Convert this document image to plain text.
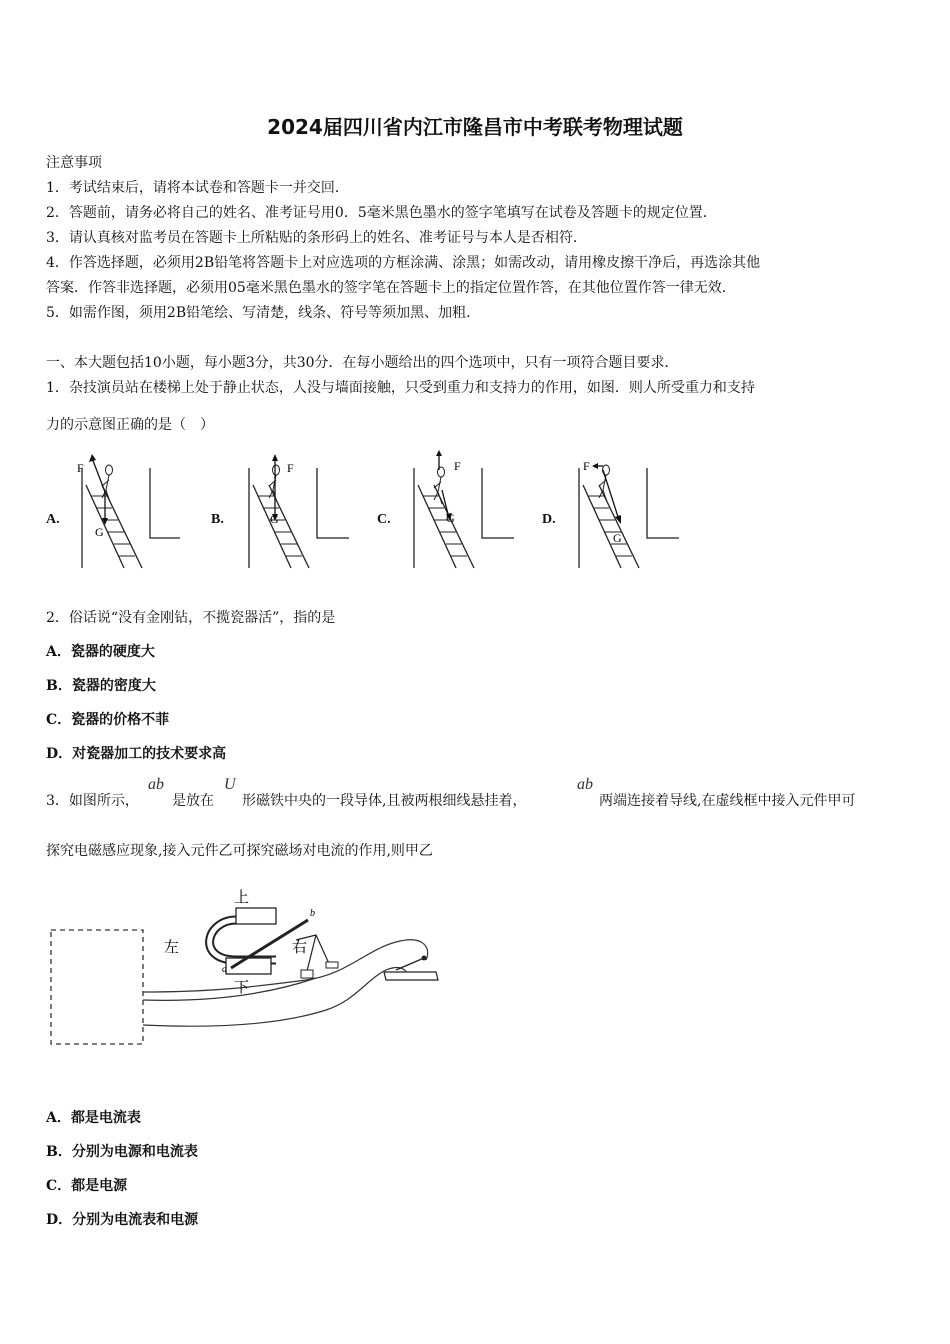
2024届四川省内江市隆昌市中考联考物理试题
注意事项
1．考试结束后，请将本试卷和答题卡一并交回．
2．答题前，请务必将自己的姓名、准考证号用0．5毫米黑色墨水的签字笔填写在试卷及答题卡的规定位置．
3．请认真核对监考员在答题卡上所粘贴的条形码上的姓名、准考证号与本人是否相符．
4．作答选择题，必须用2B铅笔将答题卡上对应选项的方框涂满、涂黑；如需改动，请用橡皮擦干净后，再选涂其他
答案．作答非选择题，必须用05毫米黑色墨水的签字笔在答题卡上的指定位置作答，在其他位置作答一律无效．
5．如需作图，须用2B铅笔绘、写清楚，线条、符号等须加黑、加粗．
一、本大题包括10小题，每小题3分，共30分．在每小题给出的四个选项中，只有一项符合题目要求．
1．杂技演员站在楼梯上处于静止状态，人没与墙面接触，只受到重力和支持力的作用，如图．则人所受重力和支持
力的示意图正确的是（　）
A.	B.	C.	D.
F
G
F
G
F
G
F
G
2．俗话说“没有金刚钻，不揽瓷器活”，指的是
A．瓷器的硬度大
B．瓷器的密度大
C．瓷器的价格不菲
D．对瓷器加工的技术要求高
3．如图所示，
ab
是放在
U
形磁铁中央的一段导体,且被两根细线悬挂着，
ab
两端连接着导线,在虚线框中接入元件甲可
探究电磁感应现象,接入元件乙可探究磁场对电流的作用,则甲乙
上
左	右
下
a
b
A．都是电流表
B．分别为电源和电流表
C．都是电源
D．分别为电流表和电源
